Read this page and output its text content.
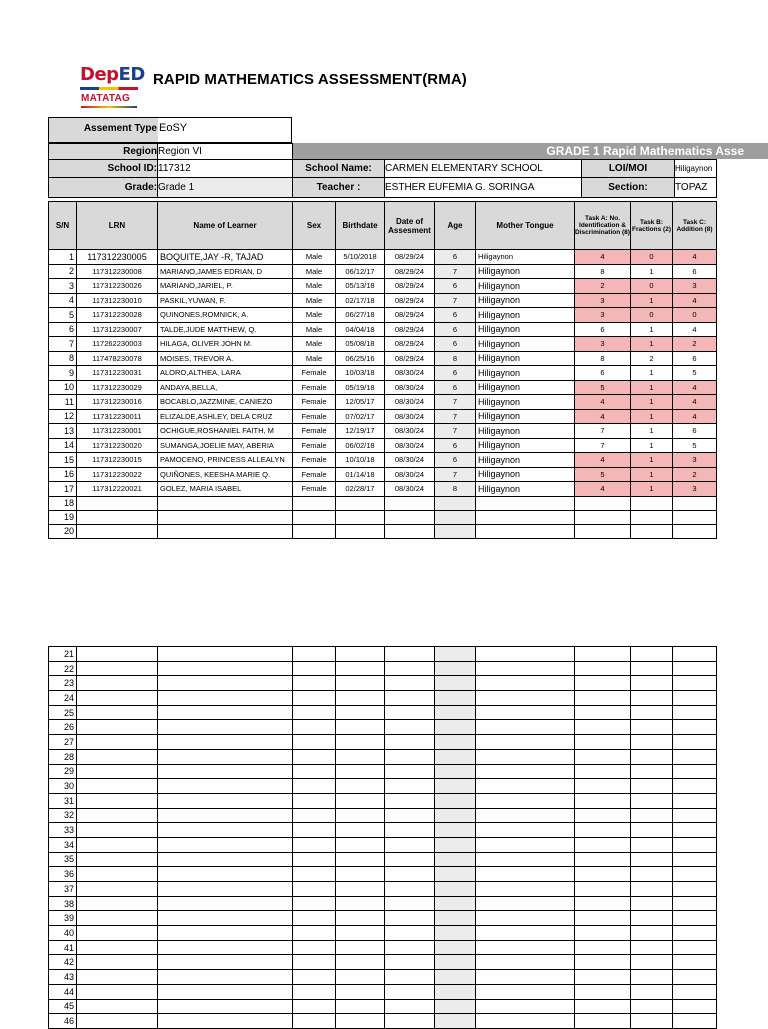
DepED
MATATAG
RAPID MATHEMATICS ASSESSMENT(RMA)
Assement Type EoSY
GRADE 1 Rapid Mathematics Asse
Region	Region VI				
School ID:	117312	School Name:	CARMEN ELEMENTARY SCHOOL	LOI/MOI	Hiligaynon
Grade:	Grade 1	Teacher :	ESTHER EUFEMIA G. SORINGA	Section:	TOPAZ
S/N	LRN	Name of Learner	Sex	Birthdate	Date of Assesment	Age	Mother Tongue	Task A: No. Identification & Discrimination (8)	Task B: Fractions (2)	Task C: Addition (8)
1	117312230005	BOQUITE,JAY -R, TAJAD	Male	5/10/2018	08/29/24	6	Hiligaynon	4	0	4
2	117312230008	MARIANO,JAMES EDRIAN, D	Male	06/12/17	08/29/24	7	Hiligaynon	8	1	6
3	117312230026	MARIANO,JARIEL, P.	Male	05/13/18	08/29/24	6	Hiligaynon	2	0	3
4	117312230010	PASKIL,YUWAN, F.	Male	02/17/18	08/29/24	7	Hiligaynon	3	1	4
5	117312230028	QUINONES,ROMNICK, A.	Male	06/27/18	08/29/24	6	Hiligaynon	3	0	0
6	117312230007	TALDE,JUDE MATTHEW, Q.	Male	04/04/18	08/29/24	6	Hiligaynon	6	1	4
7	117262230003	HILAGA, OLIVER JOHN M.	Male	05/08/18	08/29/24	6	Hiligaynon	3	1	2
8	117478230078	MOISES, TREVOR A.	Male	06/25/16	08/29/24	8	Hiligaynon	8	2	6
9	117312230031	ALORO,ALTHEA, LARA	Female	10/03/18	08/30/24	6	Hiligaynon	6	1	5
10	117312230029	ANDAYA,BELLA,	Female	05/19/18	08/30/24	6	Hiligaynon	5	1	4
11	117312230016	BOCABLO,JAZZMINE, CANIEZO	Female	12/05/17	08/30/24	7	Hiligaynon	4	1	4
12	117312230011	ELIZALDE,ASHLEY, DELA CRUZ	Female	07/02/17	08/30/24	7	Hiligaynon	4	1	4
13	117312230001	OCHIGUE,ROSHANIEL FAITH, M	Female	12/19/17	08/30/24	7	Hiligaynon	7	1	6
14	117312230020	SUMANGA,JOELIE MAY, ABERIA	Female	06/02/18	08/30/24	6	Hiligaynon	7	1	5
15	117312230015	PAMOCENO, PRINCESS ALLEALYN	Female	10/10/18	08/30/24	6	Hiligaynon	4	1	3
16	117312230022	QUIÑONES, KEESHA MARIE Q.	Female	01/14/18	08/30/24	7	Hiligaynon	5	1	2
17	117312220021	GOLEZ, MARIA ISABEL	Female	02/28/17	08/30/24	8	Hiligaynon	4	1	3
18										
19										
20										
21										
22										
23										
24										
25										
26										
27										
28										
29										
30										
31										
32										
33										
34										
35										
36										
37										
38										
39										
40										
41										
42										
43										
44										
45										
46										
